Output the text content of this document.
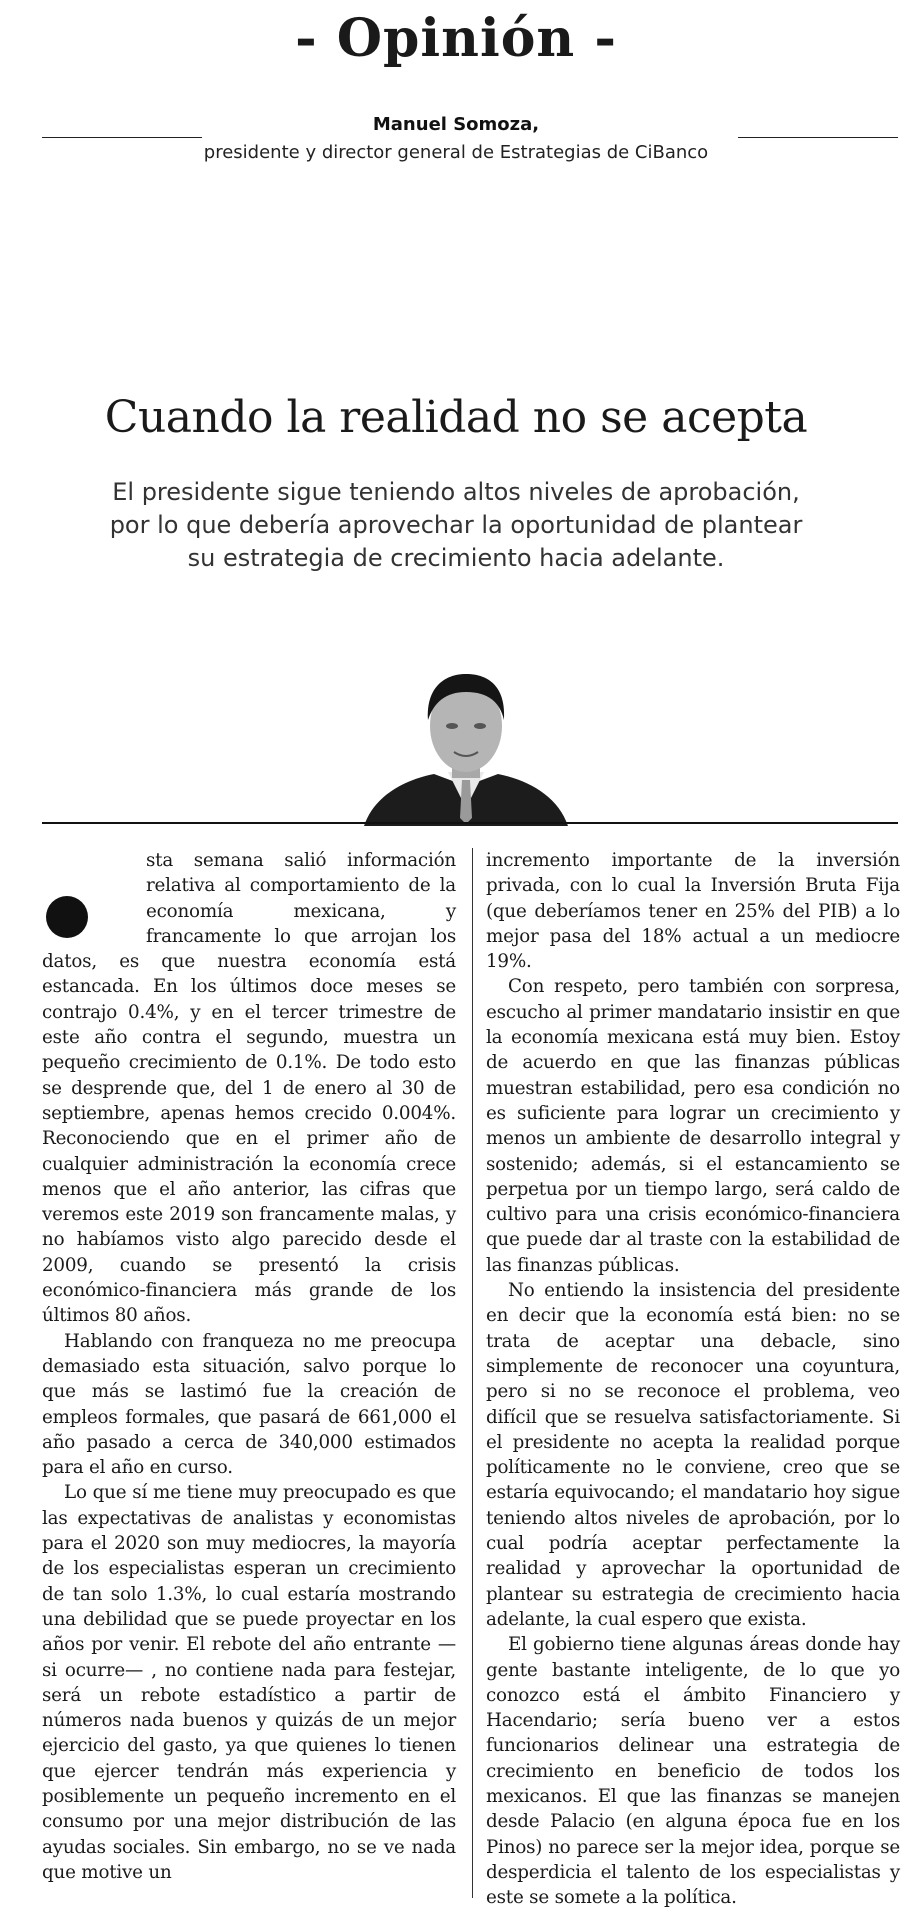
- Opinión -
Manuel Somoza,
presidente y director general de Estrategias de CiBanco
Cuando la realidad no se acepta
El presidente sigue teniendo altos niveles de aprobación, por lo que debería aprovechar la oportunidad de plantear su estrategia de crecimiento hacia adelante.

sta semana salió información relativa al comportamiento de la economía mexicana, y francamente lo que arrojan los datos, es que nuestra economía está estancada. En los últimos doce meses se contrajo 0.4%, y en el tercer trimestre de este año contra el segundo, muestra un pequeño crecimiento de 0.1%. De todo esto se desprende que, del 1 de enero al 30 de septiembre, apenas hemos crecido 0.004%. Reconociendo que en el primer año de cualquier administración la economía crece menos que el año anterior, las cifras que veremos este 2019 son francamente malas, y no habíamos visto algo parecido desde el 2009, cuando se presentó la crisis económico-financiera más grande de los últimos 80 años.

Hablando con franqueza no me preocupa demasiado esta situación, salvo porque lo que más se lastimó fue la creación de empleos formales, que pasará de 661,000 el año pasado a cerca de 340,000 estimados para el año en curso.

Lo que sí me tiene muy preocupado es que las expectativas de analistas y economistas para el 2020 son muy mediocres, la mayoría de los especialistas esperan un crecimiento de tan solo 1.3%, lo cual estaría mostrando una debilidad que se puede proyectar en los años por venir. El rebote del año entrante —si ocurre— , no contiene nada para festejar, será un rebote estadístico a partir de números nada buenos y quizás de un mejor ejercicio del gasto, ya que quienes lo tienen que ejercer tendrán más experiencia y posiblemente un pequeño incremento en el consumo por una mejor distribución de las ayudas sociales. Sin embargo, no se ve nada que motive un

incremento importante de la inversión privada, con lo cual la Inversión Bruta Fija (que deberíamos tener en 25% del PIB) a lo mejor pasa del 18% actual a un mediocre 19%.

Con respeto, pero también con sorpresa, escucho al primer mandatario insistir en que la economía mexicana está muy bien. Estoy de acuerdo en que las finanzas públicas muestran estabilidad, pero esa condición no es suficiente para lograr un crecimiento y menos un ambiente de desarrollo integral y sostenido; además, si el estancamiento se perpetua por un tiempo largo, será caldo de cultivo para una crisis económico-financiera que puede dar al traste con la estabilidad de las finanzas públicas.

No entiendo la insistencia del presidente en decir que la economía está bien: no se trata de aceptar una debacle, sino simplemente de reconocer una coyuntura, pero si no se reconoce el problema, veo difícil que se resuelva satisfactoriamente. Si el presidente no acepta la realidad porque políticamente no le conviene, creo que se estaría equivocando; el mandatario hoy sigue teniendo altos niveles de aprobación, por lo cual podría aceptar perfectamente la realidad y aprovechar la oportunidad de plantear su estrategia de crecimiento hacia adelante, la cual espero que exista.

El gobierno tiene algunas áreas donde hay gente bastante inteligente, de lo que yo conozco está el ámbito Financiero y Hacendario; sería bueno ver a estos funcionarios delinear una estrategia de crecimiento en beneficio de todos los mexicanos. El que las finanzas se manejen desde Palacio (en alguna época fue en los Pinos) no parece ser la mejor idea, porque se desperdicia el talento de los especialistas y este se somete a la política.
